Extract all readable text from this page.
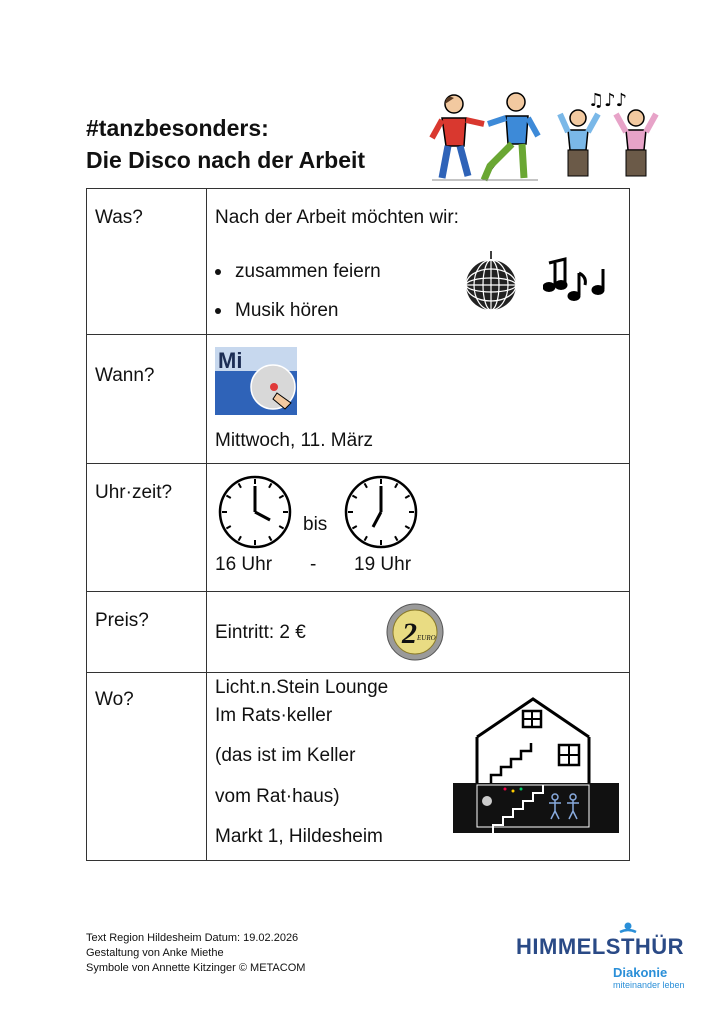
#tanzbesonders:
Die Disco nach der Arbeit
♫♪♪
Was?	Nach der Arbeit möchten wir:
zusammen feiern
Musik hören

Wann?	Mi
Mittwoch, 11. März

Uhr·zeit?	bis
16 Uhr - 19 Uhr

Preis?	Eintritt: 2 € 2 EURO

Wo?	Licht.n.Stein Lounge
Im Rats·keller
(das ist im Keller
vom Rat·haus)
Markt 1, Hildesheim
Text Region Hildesheim Datum: 19.02.2026
Gestaltung von Anke Miethe
Symbole von Annette Kitzinger © METACOM
HIMMELSTHÜR
Diakonie
miteinander leben
